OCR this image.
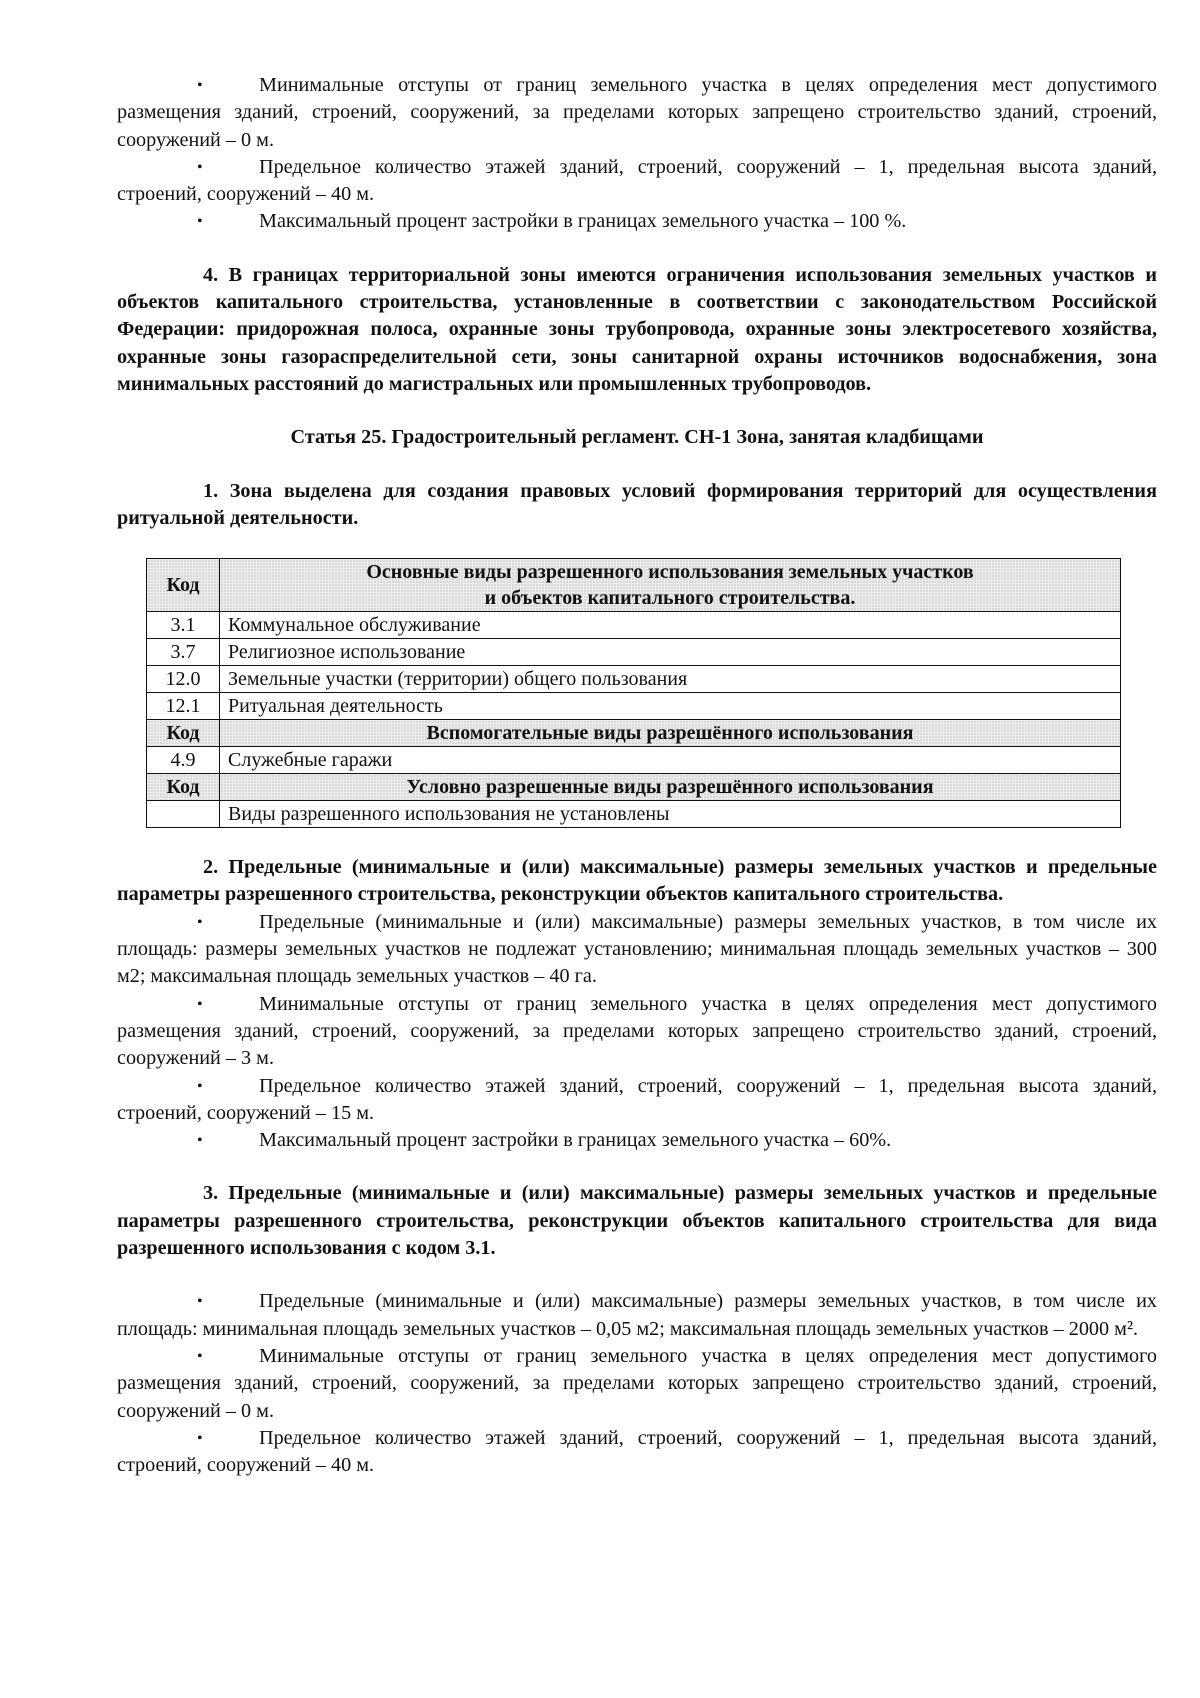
•	Минимальные отступы от границ земельного участка в целях определения мест допустимого размещения зданий, строений, сооружений, за пределами которых запрещено строительство зданий, строений, сооружений – 0 м.

•	Предельное количество этажей зданий, строений, сооружений – 1, предельная высота зданий, строений, сооружений – 40 м.

•	Максимальный процент застройки в границах земельного участка – 100 %.

4. В границах территориальной зоны имеются ограничения использования земельных участков и объектов капитального строительства, установленные в соответствии с законодательством Российской Федерации: придорожная полоса, охранные зоны трубопровода, охранные зоны электросетевого хозяйства, охранные зоны газораспределительной сети, зоны санитарной охраны источников водоснабжения, зона минимальных расстояний до магистральных или промышленных трубопроводов.

Статья 25. Градостроительный регламент. СН-1 Зона, занятая кладбищами

1. Зона выделена для создания правовых условий формирования территорий для осуществления ритуальной деятельности.

Код	Основные виды разрешенного использования земельных участков
и объектов капитального строительства.

3.1	Коммунальное обслуживание
3.7	Религиозное использование
12.0	Земельные участки (территории) общего пользования
12.1	Ритуальная деятельность
Код	Вспомогательные виды разрешённого использования
4.9	Служебные гаражи
Код	Условно разрешенные виды разрешённого использования
	Виды разрешенного использования не установлены

2. Предельные (минимальные и (или) максимальные) размеры земельных участков и предельные параметры разрешенного строительства, реконструкции объектов капитального строительства.

•	Предельные (минимальные и (или) максимальные) размеры земельных участков, в том числе их площадь: размеры земельных участков не подлежат установлению; минимальная площадь земельных участков – 300 м2; максимальная площадь земельных участков – 40 га.

•	Минимальные отступы от границ земельного участка в целях определения мест допустимого размещения зданий, строений, сооружений, за пределами которых запрещено строительство зданий, строений, сооружений – 3 м.

•	Предельное количество этажей зданий, строений, сооружений – 1, предельная высота зданий, строений, сооружений – 15 м.

•	Максимальный процент застройки в границах земельного участка – 60%.

3. Предельные (минимальные и (или) максимальные) размеры земельных участков и предельные параметры разрешенного строительства, реконструкции объектов капитального строительства для вида разрешенного использования с кодом 3.1.

•	Предельные (минимальные и (или) максимальные) размеры земельных участков, в том числе их площадь: минимальная площадь земельных участков – 0,05 м2; максимальная площадь земельных участков – 2000 м².

•	Минимальные отступы от границ земельного участка в целях определения мест допустимого размещения зданий, строений, сооружений, за пределами которых запрещено строительство зданий, строений, сооружений – 0 м.

•	Предельное количество этажей зданий, строений, сооружений – 1, предельная высота зданий, строений, сооружений – 40 м.
